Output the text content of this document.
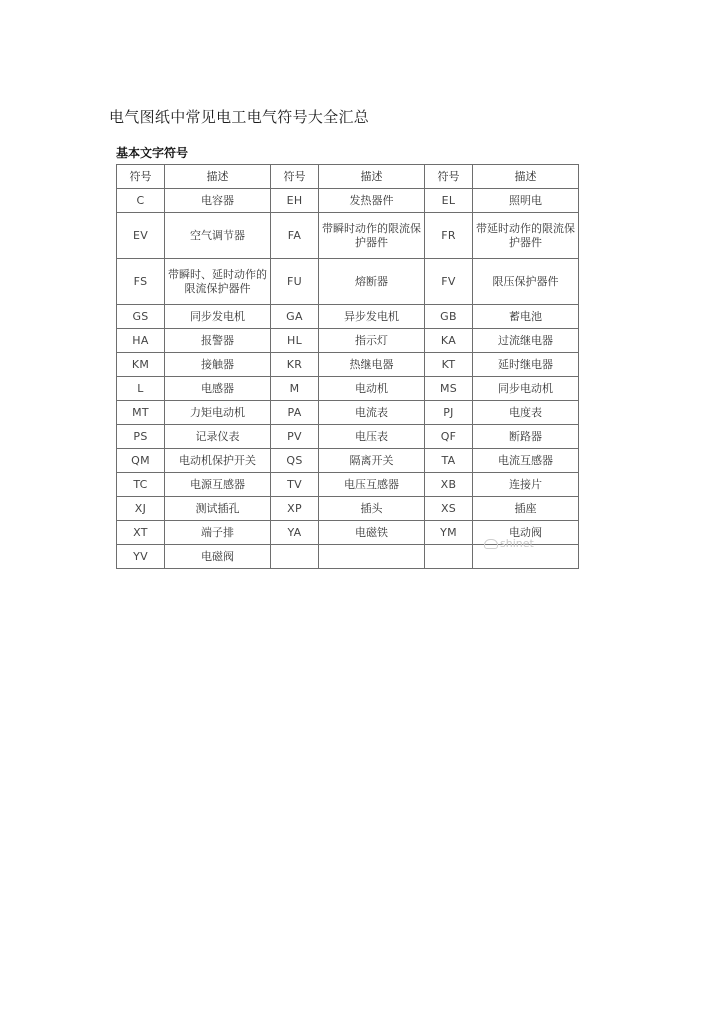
电气图纸中常见电工电气符号大全汇总
基本文字符号
符号	描述	符号	描述	符号	描述
C	电容器	EH	发热器件	EL	照明电
EV	空气调节器	FA	带瞬时动作的限流保护器件	FR	带延时动作的限流保护器件
FS	带瞬时、延时动作的限流保护器件	FU	熔断器	FV	限压保护器件
GS	同步发电机	GA	异步发电机	GB	蓄电池
HA	报警器	HL	指示灯	KA	过流继电器
KM	接触器	KR	热继电器	KT	延时继电器
L	电感器	M	电动机	MS	同步电动机
MT	力矩电动机	PA	电流表	PJ	电度表
PS	记录仪表	PV	电压表	QF	断路器
QM	电动机保护开关	QS	隔离开关	TA	电流互感器
TC	电源互感器	TV	电压互感器	XB	连接片
XJ	测试插孔	XP	插头	XS	插座
XT	端子排	YA	电磁铁	YM	电动阀
YV	电磁阀				
shinet
